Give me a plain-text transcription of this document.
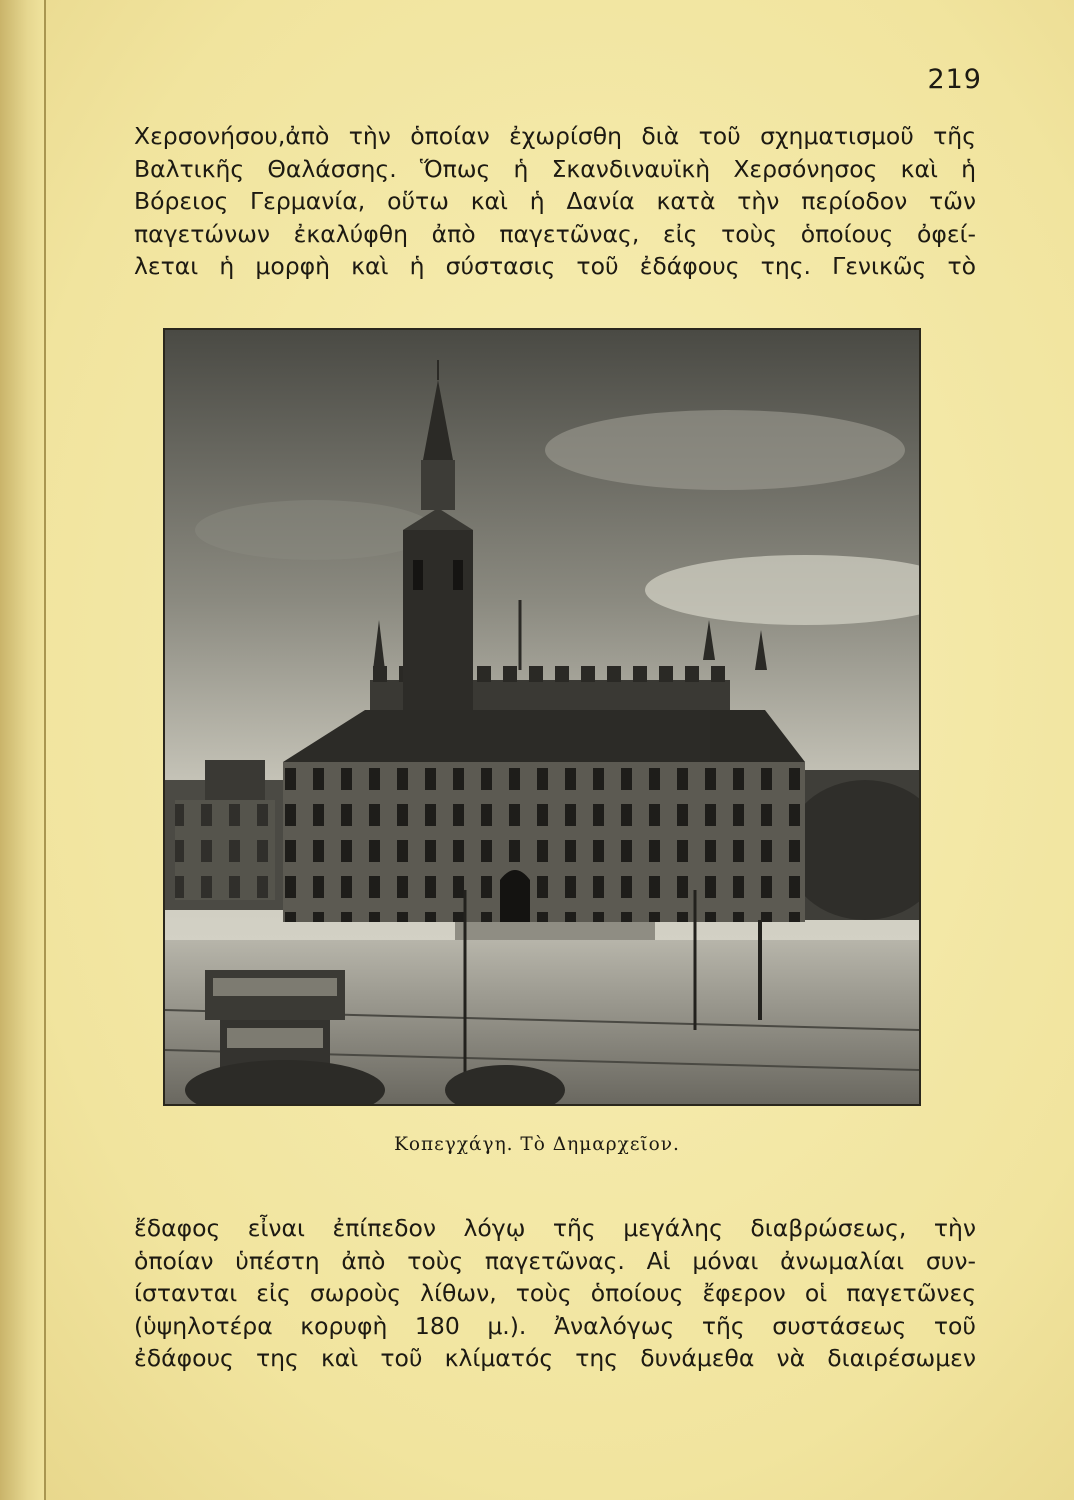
219
Χερσονήσου,ἀπὸ τὴν ὁποίαν ἐχωρίσθη διὰ τοῦ σχηματισμοῦ τῆς
Βαλτικῆς Θαλάσσης. Ὅπως ἡ Σκανδιναυϊκὴ Χερσόνησος καὶ ἡ
Βόρειος Γερμανία, οὕτω καὶ ἡ Δανία κατὰ τὴν περίοδον τῶν
παγετώνων ἐκαλύφθη ἀπὸ παγετῶνας, εἰς τοὺς ὁποίους ὀφεί-
λεται ἡ μορφὴ καὶ ἡ σύστασις τοῦ ἐδάφους της. Γενικῶς τὸ
Κοπεγχάγη. Τὸ Δημαρχεῖον.
ἔδαφος εἶναι ἐπίπεδον λόγῳ τῆς μεγάλης διαβρώσεως, τὴν
ὁποίαν ὑπέστη ἀπὸ τοὺς παγετῶνας. Αἱ μόναι ἀνωμαλίαι συν-
ίστανται εἰς σωροὺς λίθων, τοὺς ὁποίους ἔφερον οἱ παγετῶνες
(ὑψηλοτέρα κορυφὴ 180 μ.). Ἀναλόγως τῆς συστάσεως τοῦ
ἐδάφους της καὶ τοῦ κλίματός της δυνάμεθα νὰ διαιρέσωμεν
